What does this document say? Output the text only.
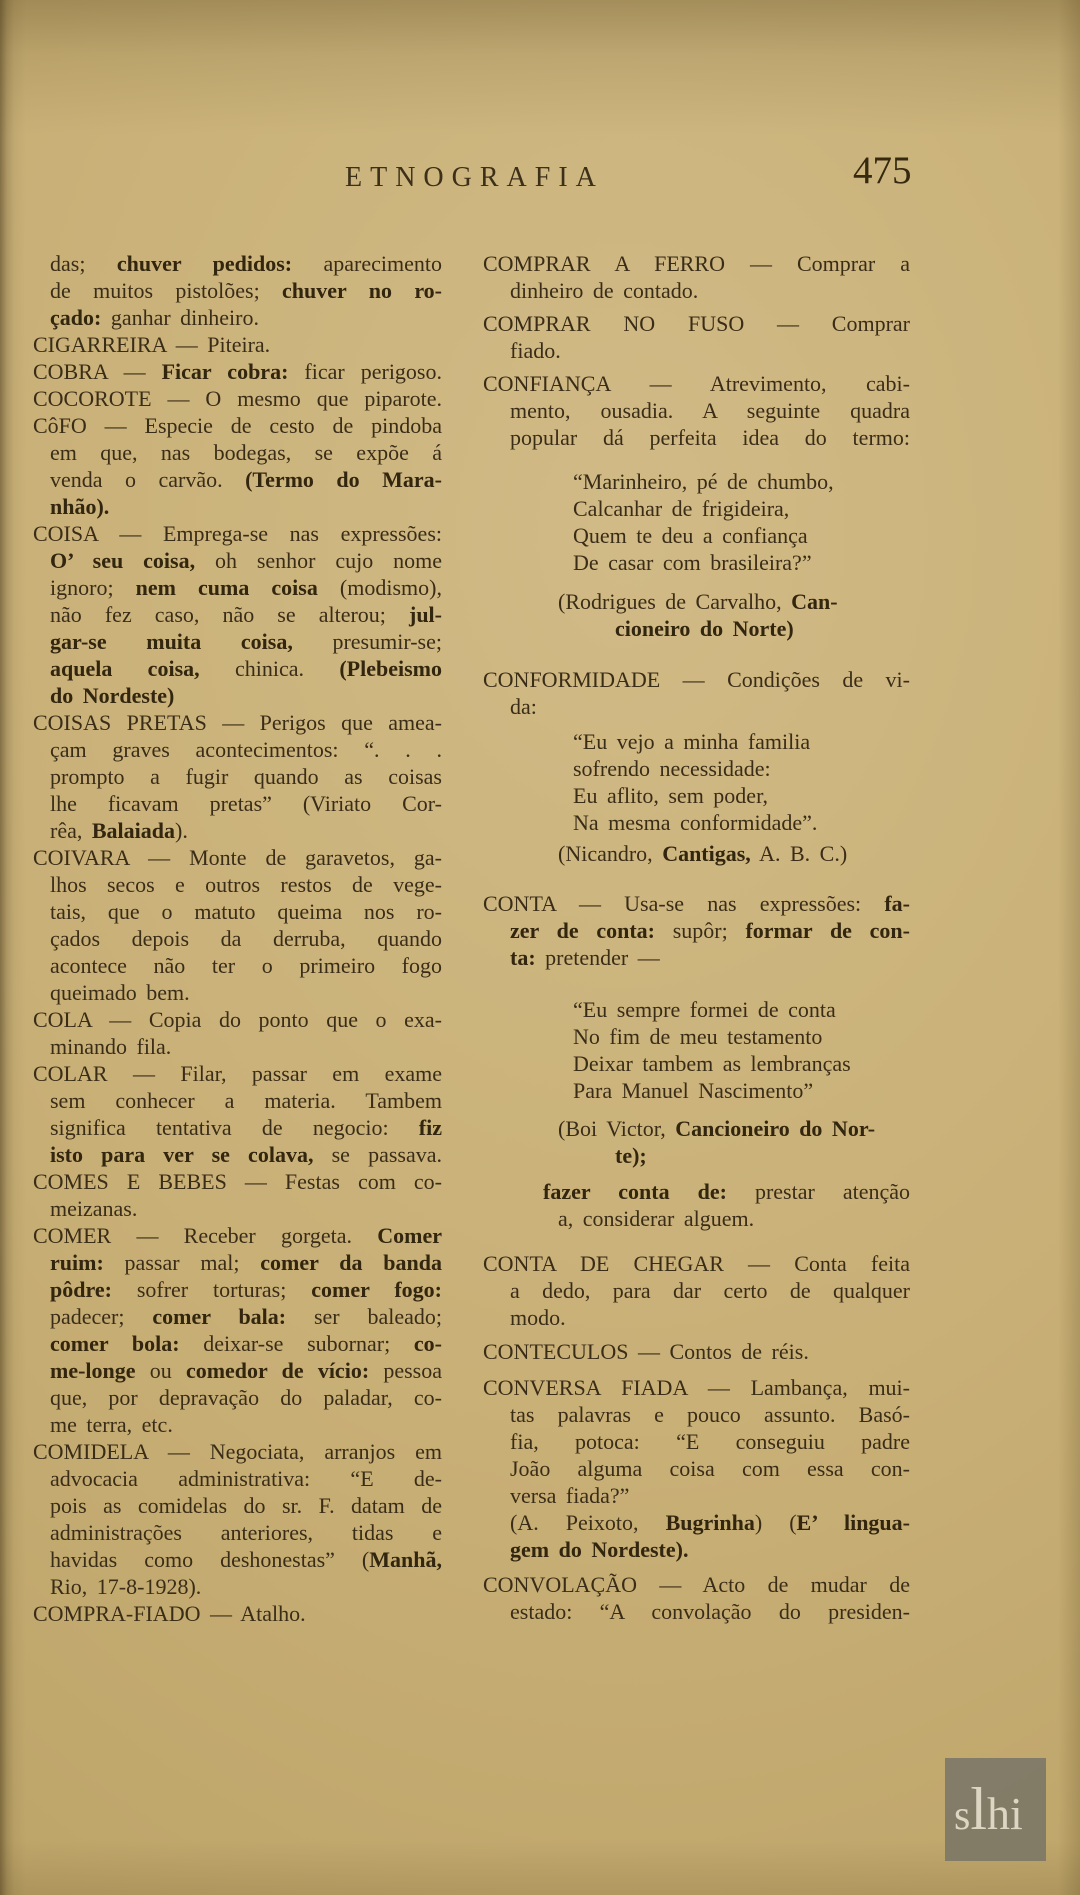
ETNOGRAFIA	475
das; chuver pedidos: aparecimento
de muitos pistolões; chuver no ro-
çado: ganhar dinheiro.
CIGARREIRA — Piteira.
COBRA — Ficar cobra: ficar perigoso.
COCOROTE — O mesmo que piparote.
CôFO — Especie de cesto de pindoba
em que, nas bodegas, se expõe á
venda o carvão. (Termo do Mara-
nhão).
COISA — Emprega-se nas expressões:
O’ seu coisa, oh senhor cujo nome
ignoro; nem cuma coisa (modismo),
não fez caso, não se alterou; jul-
gar-se muita coisa, presumir-se;
aquela coisa, chinica. (Plebeismo
do Nordeste)
COISAS PRETAS — Perigos que amea-
çam graves acontecimentos: “. . .
prompto a fugir quando as coisas
lhe ficavam pretas” (Viriato Cor-
rêa, Balaiada).
COIVARA — Monte de garavetos, ga-
lhos secos e outros restos de vege-
tais, que o matuto queima nos ro-
çados depois da derruba, quando
acontece não ter o primeiro fogo
queimado bem.
COLA — Copia do ponto que o exa-
minando fila.
COLAR — Filar, passar em exame
sem conhecer a materia. Tambem
significa tentativa de negocio: fiz
isto para ver se colava, se passava.
COMES E BEBES — Festas com co-
meizanas.
COMER — Receber gorgeta. Comer
ruim: passar mal; comer da banda
pôdre: sofrer torturas; comer fogo:
padecer; comer bala: ser baleado;
comer bola: deixar-se subornar; co-
me-longe ou comedor de vício: pessoa
que, por depravação do paladar, co-
me terra, etc.
COMIDELA — Negociata, arranjos em
advocacia administrativa: “E de-
pois as comidelas do sr. F. datam de
administrações anteriores, tidas e
havidas como deshonestas” (Manhã,
Rio, 17-8-1928).
COMPRA-FIADO — Atalho.
COMPRAR A FERRO — Comprar a
dinheiro de contado.
COMPRAR NO FUSO — Comprar
fiado.
CONFIANÇA — Atrevimento, cabi-
mento, ousadia. A seguinte quadra
popular dá perfeita idea do termo:
“Marinheiro, pé de chumbo,
Calcanhar de frigideira,
Quem te deu a confiança
De casar com brasileira?”
(Rodrigues de Carvalho, Can-
cioneiro do Norte)
CONFORMIDADE — Condições de vi-
da:
“Eu vejo a minha familia
sofrendo necessidade:
Eu aflito, sem poder,
Na mesma conformidade”.
(Nicandro, Cantigas, A. B. C.)
CONTA — Usa-se nas expressões: fa-
zer de conta: supôr; formar de con-
ta: pretender —
“Eu sempre formei de conta
No fim de meu testamento
Deixar tambem as lembranças
Para Manuel Nascimento”
(Boi Victor, Cancioneiro do Nor-
te);
fazer conta de: prestar atenção
a, considerar alguem.
CONTA DE CHEGAR — Conta feita
a dedo, para dar certo de qualquer
modo.
CONTECULOS — Contos de réis.
CONVERSA FIADA — Lambança, mui-
tas palavras e pouco assunto. Basó-
fia, potoca: “E conseguiu padre
João alguma coisa com essa con-
versa fiada?”
(A. Peixoto, Bugrinha) (E’ lingua-
gem do Nordeste).
CONVOLAÇÃO — Acto de mudar de
estado: “A convolação do presiden-
s l h i
